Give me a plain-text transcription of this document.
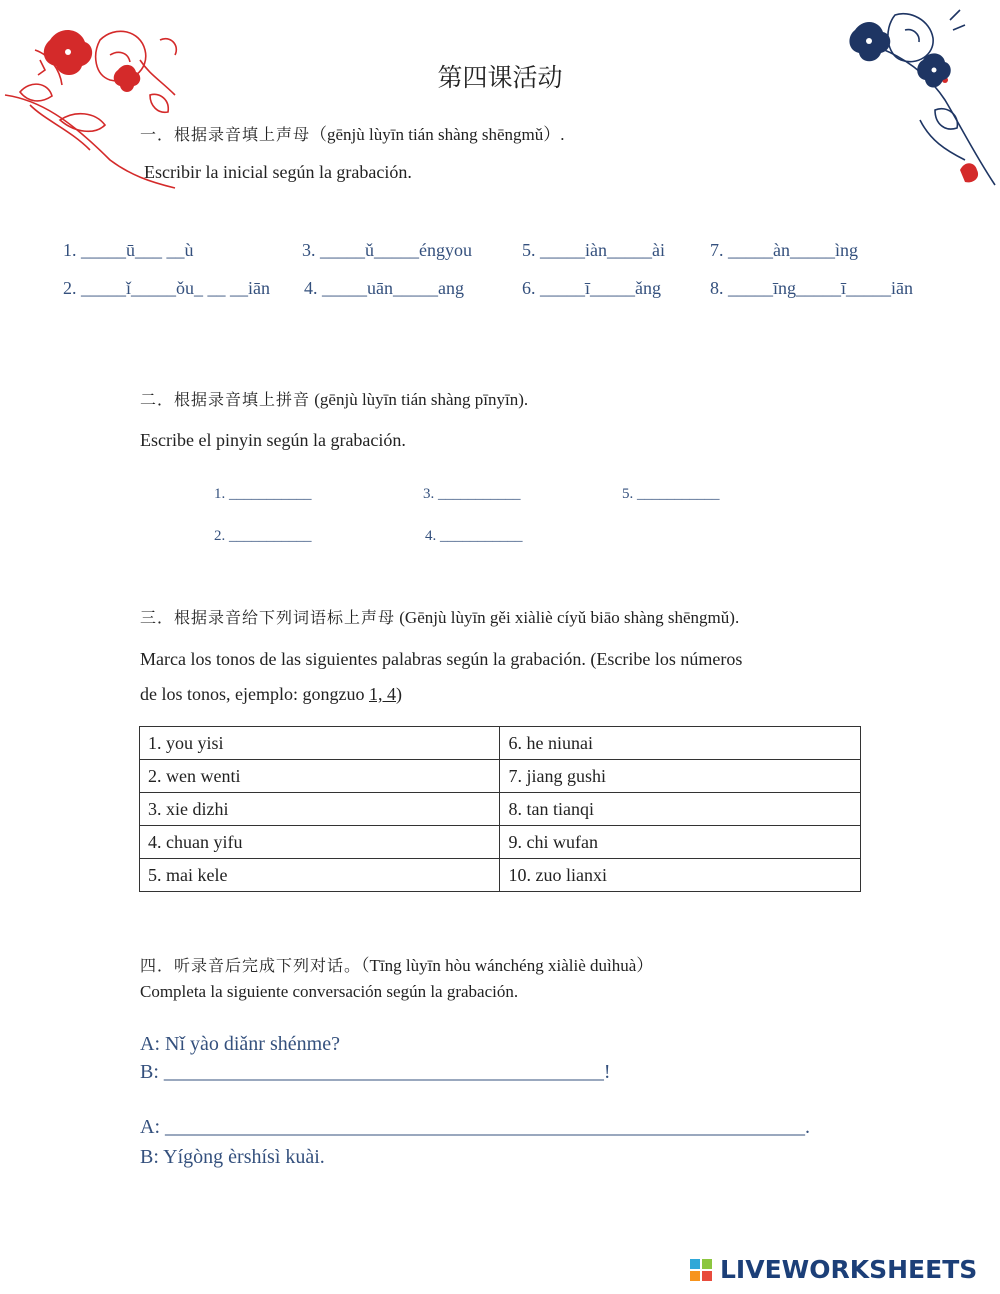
第四课活动
一．根据录音填上声母（gēnjù lùyīn tián shàng shēngmǔ）.
Escribir la inicial según la grabación.
1. _____ū___ __ù	3. _____ǔ_____éngyou	5. _____iàn_____ài	7. _____àn_____ìng
2. _____ǐ_____ǒu_ __ __iān 4. _____uān_____ang	6. _____ī_____ǎng	8. _____īng_____ī_____iān
二．根据录音填上拼音 (gēnjù lùyīn tián shàng pīnyīn).
Escribe el pinyin según la grabación.
1. ___________	3. ___________	5. ___________
2. ___________	4. ___________
三．根据录音给下列词语标上声母 (Gēnjù lùyīn gěi xiàliè cíyǔ biāo shàng shēngmǔ).
Marca los tonos de las siguientes palabras según la grabación. (Escribe los números
de los tonos, ejemplo: gongzuo 1, 4)
1. you yisi	6. he niunai
2. wen wenti	7. jiang gushi
3. xie dizhi	8. tan tianqi
4. chuan yifu	9. chi wufan
5. mai kele	10. zuo lianxi
四．听录音后完成下列对话。（Tīng lùyīn hòu wánchéng xiàliè duìhuà）
Completa la siguiente conversación según la grabación.
A: Nǐ yào diǎnr shénme?
B: ____________________________________________!
A: ________________________________________________________________.
B: Yígòng èrshísì kuài.
LIVEWORKSHEETS
